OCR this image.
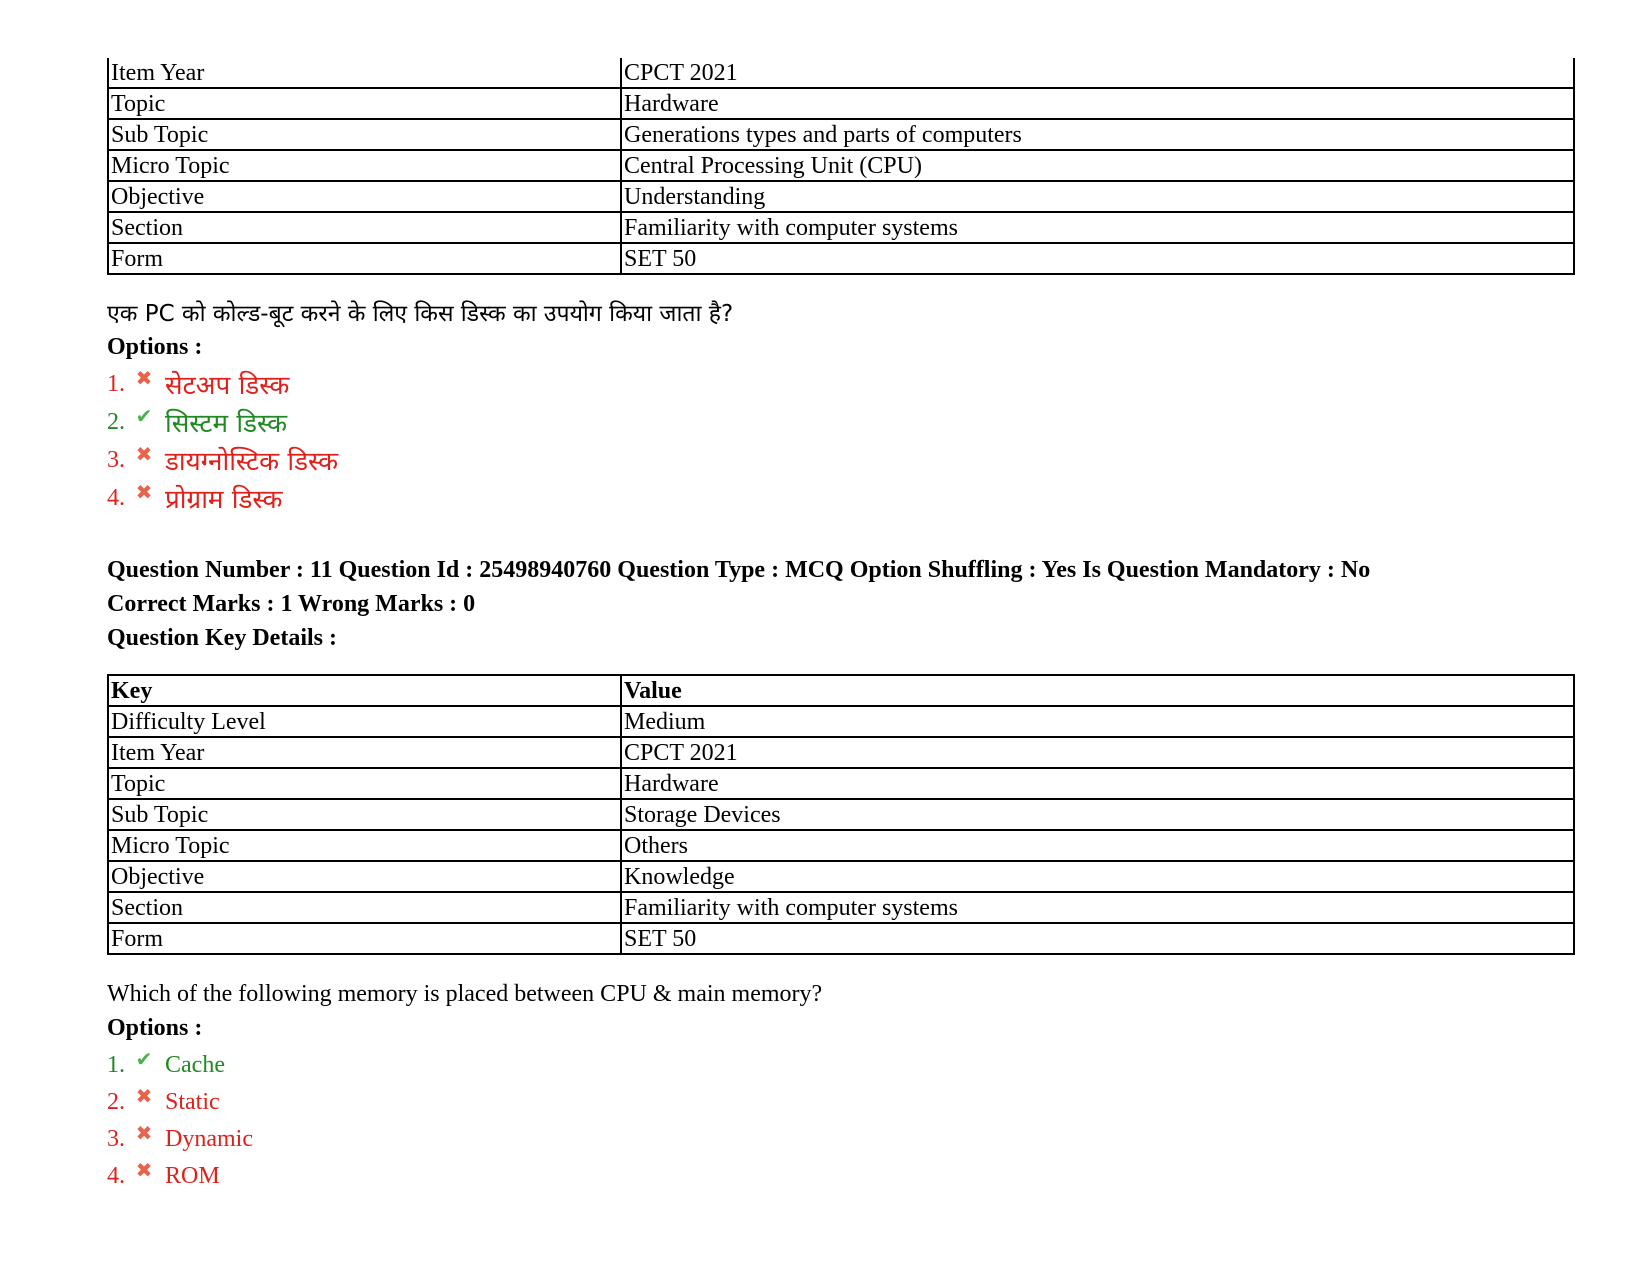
Item Year	CPCT 2021
Topic	Hardware
Sub Topic	Generations types and parts of computers
Micro Topic	Central Processing Unit (CPU)
Objective	Understanding
Section	Familiarity with computer systems
Form	SET 50
एक PC को कोल्ड-बूट करने के लिए किस डिस्क का उपयोग किया जाता है?
Options :
1. ✖ सेटअप डिस्क
2. ✔ सिस्टम डिस्क
3. ✖ डायग्नोस्टिक डिस्क
4. ✖ प्रोग्राम डिस्क
Question Number : 11 Question Id : 25498940760 Question Type : MCQ Option Shuffling : Yes Is Question Mandatory : No
Correct Marks : 1 Wrong Marks : 0
Question Key Details :
Key	Value
Difficulty Level	Medium
Item Year	CPCT 2021
Topic	Hardware
Sub Topic	Storage Devices
Micro Topic	Others
Objective	Knowledge
Section	Familiarity with computer systems
Form	SET 50
Which of the following memory is placed between CPU & main memory?
Options :
1. ✔ Cache
2. ✖ Static
3. ✖ Dynamic
4. ✖ ROM
